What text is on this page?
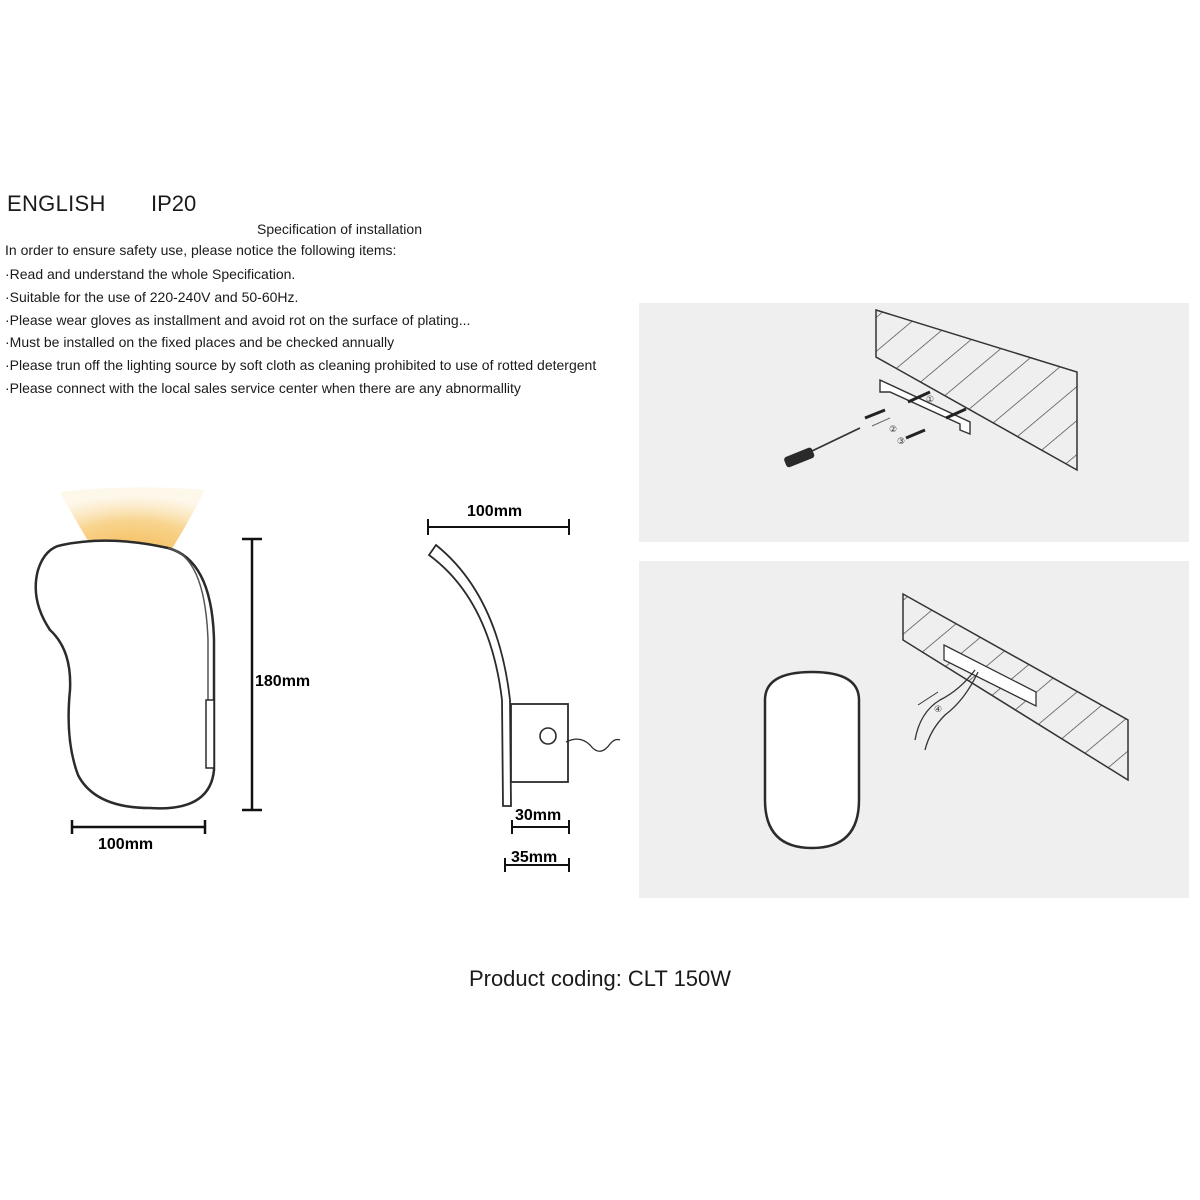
ENGLISH IP20
Specification of installation
In order to ensure safety use, please notice the following items:
·Read and understand the whole Specification.
·Suitable for the use of 220-240V and 50-60Hz.
·Please wear gloves as installment and avoid rot on the surface of plating...
·Must be installed on the fixed places and be checked annually
·Please trun off the lighting source by soft cloth as cleaning prohibited to use of rotted detergent
·Please connect with the local sales service center when there are any abnormallity
180mm
100mm
100mm
30mm
35mm
①
②
③
④
Product coding: CLT 150W
